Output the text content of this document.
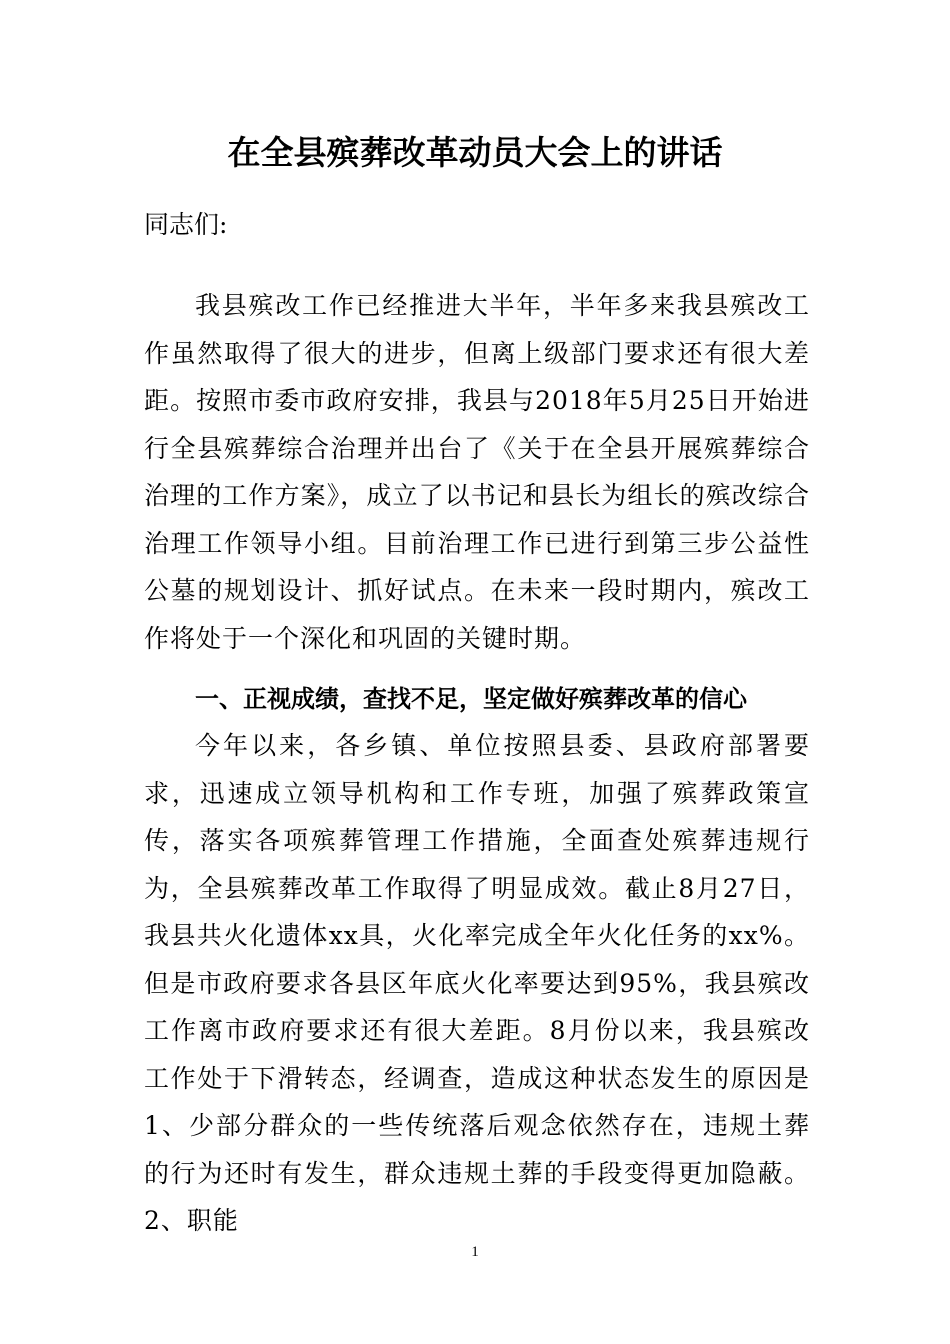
在全县殡葬改革动员大会上的讲话
同志们:

我县殡改工作已经推进大半年，半年多来我县殡改工作虽然取得了很大的进步，但离上级部门要求还有很大差距。按照市委市政府安排，我县与2018年5月25日开始进行全县殡葬综合治理并出台了《关于在全县开展殡葬综合治理的工作方案》，成立了以书记和县长为组长的殡改综合治理工作领导小组。目前治理工作已进行到第三步公益性公墓的规划设计、抓好试点。在未来一段时期内，殡改工作将处于一个深化和巩固的关键时期。

一、正视成绩，查找不足，坚定做好殡葬改革的信心

今年以来，各乡镇、单位按照县委、县政府部署要求，迅速成立领导机构和工作专班，加强了殡葬政策宣传，落实各项殡葬管理工作措施，全面查处殡葬违规行为，全县殡葬改革工作取得了明显成效。截止8月27日，我县共火化遗体xx具，火化率完成全年火化任务的xx%。但是市政府要求各县区年底火化率要达到95%，我县殡改工作离市政府要求还有很大差距。8月份以来，我县殡改工作处于下滑转态，经调查，造成这种状态发生的原因是1、少部分群众的一些传统落后观念依然存在，违规土葬的行为还时有发生，群众违规土葬的手段变得更加隐蔽。2、职能

1
